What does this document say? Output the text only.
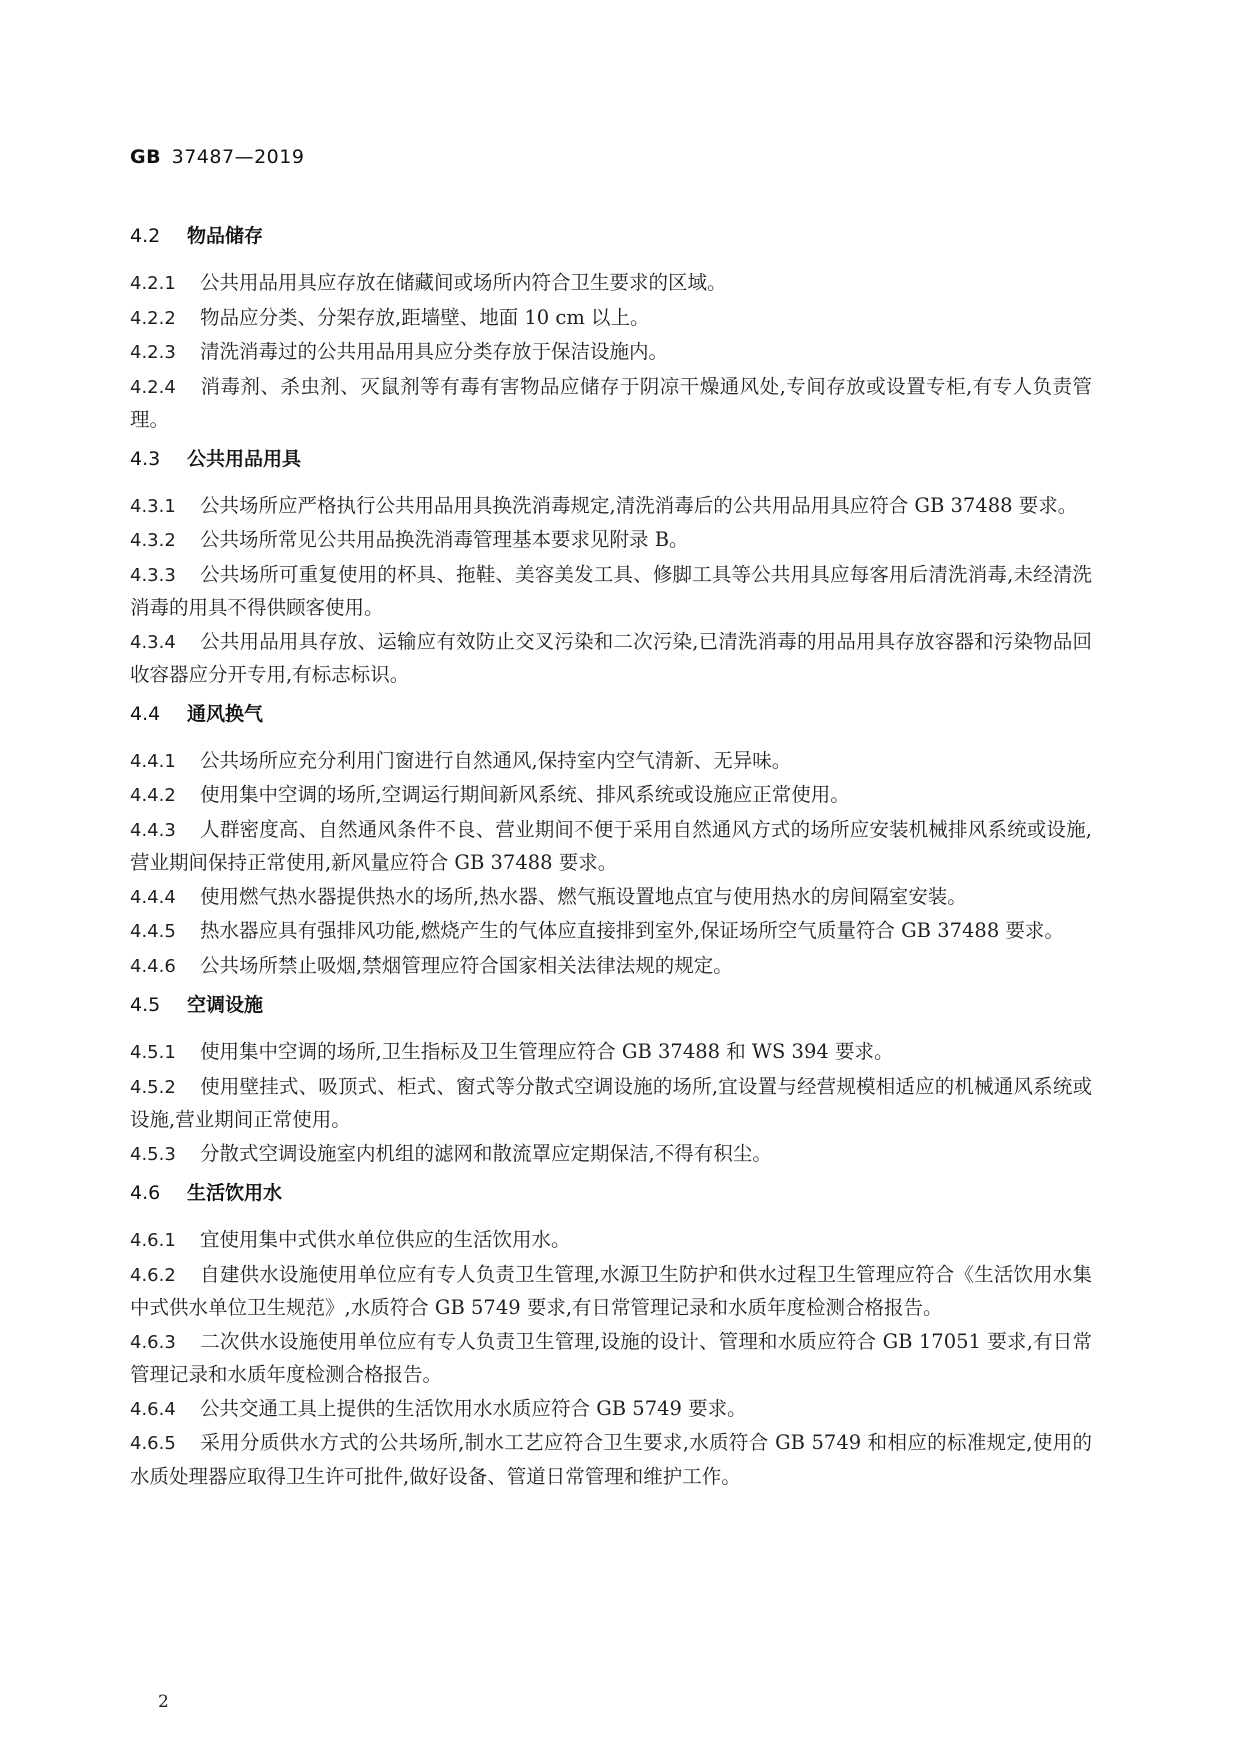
GB 37487—2019
4.2 物品储存

4.2.1 公共用品用具应存放在储藏间或场所内符合卫生要求的区域。

4.2.2 物品应分类、分架存放,距墙壁、地面 10 cm 以上。

4.2.3 清洗消毒过的公共用品用具应分类存放于保洁设施内。

4.2.4 消毒剂、杀虫剂、灭鼠剂等有毒有害物品应储存于阴凉干燥通风处,专间存放或设置专柜,有专人负责管理。

4.3 公共用品用具

4.3.1 公共场所应严格执行公共用品用具换洗消毒规定,清洗消毒后的公共用品用具应符合 GB 37488 要求。

4.3.2 公共场所常见公共用品换洗消毒管理基本要求见附录 B。

4.3.3 公共场所可重复使用的杯具、拖鞋、美容美发工具、修脚工具等公共用具应每客用后清洗消毒,未经清洗消毒的用具不得供顾客使用。

4.3.4 公共用品用具存放、运输应有效防止交叉污染和二次污染,已清洗消毒的用品用具存放容器和污染物品回收容器应分开专用,有标志标识。

4.4 通风换气

4.4.1 公共场所应充分利用门窗进行自然通风,保持室内空气清新、无异味。

4.4.2 使用集中空调的场所,空调运行期间新风系统、排风系统或设施应正常使用。

4.4.3 人群密度高、自然通风条件不良、营业期间不便于采用自然通风方式的场所应安装机械排风系统或设施,营业期间保持正常使用,新风量应符合 GB 37488 要求。

4.4.4 使用燃气热水器提供热水的场所,热水器、燃气瓶设置地点宜与使用热水的房间隔室安装。

4.4.5 热水器应具有强排风功能,燃烧产生的气体应直接排到室外,保证场所空气质量符合 GB 37488 要求。

4.4.6 公共场所禁止吸烟,禁烟管理应符合国家相关法律法规的规定。

4.5 空调设施

4.5.1 使用集中空调的场所,卫生指标及卫生管理应符合 GB 37488 和 WS 394 要求。

4.5.2 使用壁挂式、吸顶式、柜式、窗式等分散式空调设施的场所,宜设置与经营规模相适应的机械通风系统或设施,营业期间正常使用。

4.5.3 分散式空调设施室内机组的滤网和散流罩应定期保洁,不得有积尘。

4.6 生活饮用水

4.6.1 宜使用集中式供水单位供应的生活饮用水。

4.6.2 自建供水设施使用单位应有专人负责卫生管理,水源卫生防护和供水过程卫生管理应符合《生活饮用水集中式供水单位卫生规范》,水质符合 GB 5749 要求,有日常管理记录和水质年度检测合格报告。

4.6.3 二次供水设施使用单位应有专人负责卫生管理,设施的设计、管理和水质应符合 GB 17051 要求,有日常管理记录和水质年度检测合格报告。

4.6.4 公共交通工具上提供的生活饮用水水质应符合 GB 5749 要求。

4.6.5 采用分质供水方式的公共场所,制水工艺应符合卫生要求,水质符合 GB 5749 和相应的标准规定,使用的水质处理器应取得卫生许可批件,做好设备、管道日常管理和维护工作。

2
